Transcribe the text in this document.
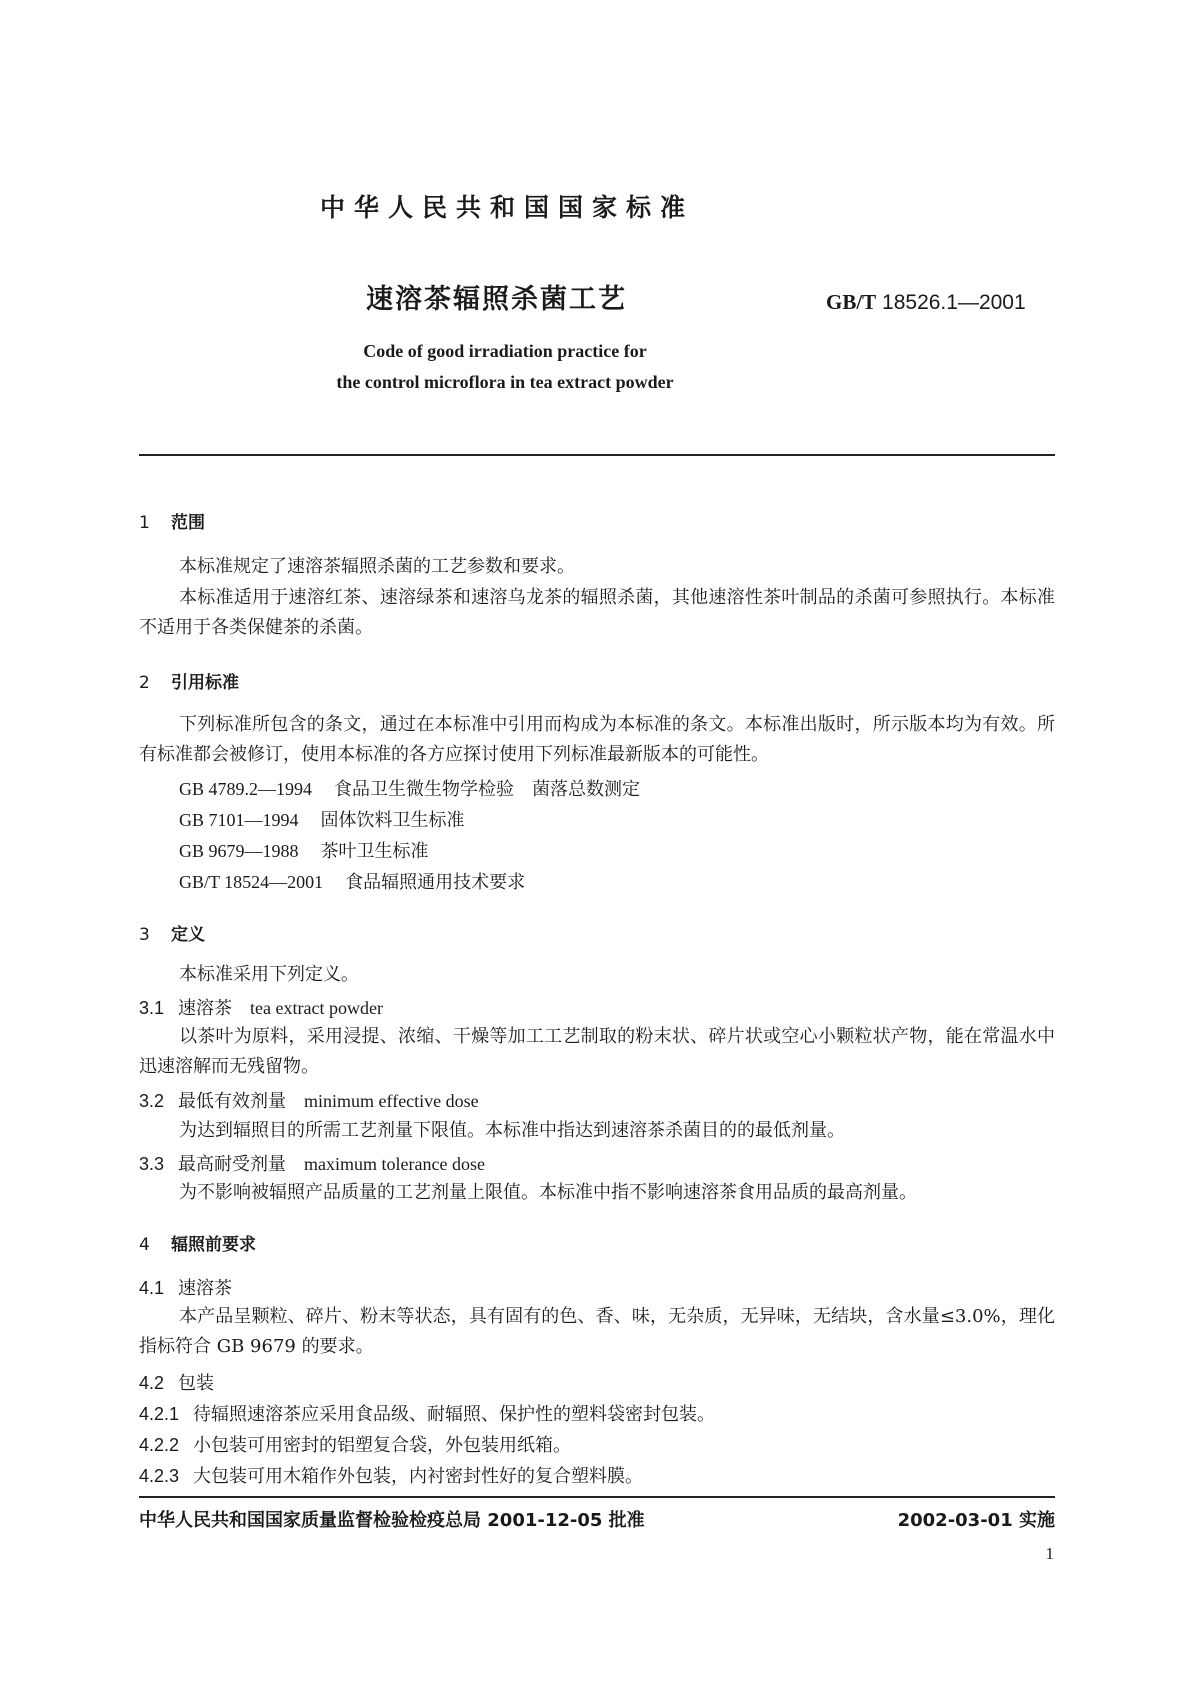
中华人民共和国国家标准
速溶茶辐照杀菌工艺	GB/T 18526.1—2001
Code of good irradiation practice for
the control microflora in tea extract powder
1 范围
本标准规定了速溶茶辐照杀菌的工艺参数和要求。
本标准适用于速溶红茶、速溶绿茶和速溶乌龙茶的辐照杀菌，其他速溶性茶叶制品的杀菌可参照执行。本标准不适用于各类保健茶的杀菌。
2 引用标准
下列标准所包含的条文，通过在本标准中引用而构成为本标准的条文。本标准出版时，所示版本均为有效。所有标准都会被修订，使用本标准的各方应探讨使用下列标准最新版本的可能性。
GB 4789.2—1994 食品卫生微生物学检验　菌落总数测定
GB 7101—1994 固体饮料卫生标准
GB 9679—1988 茶叶卫生标准
GB/T 18524—2001 食品辐照通用技术要求
3 定义
本标准采用下列定义。
3.1 速溶茶　 tea extract powder
以茶叶为原料，采用浸提、浓缩、干燥等加工工艺制取的粉末状、碎片状或空心小颗粒状产物，能在常温水中迅速溶解而无残留物。
3.2 最低有效剂量　 minimum effective dose
为达到辐照目的所需工艺剂量下限值。本标准中指达到速溶茶杀菌目的的最低剂量。
3.3 最高耐受剂量　 maximum tolerance dose
为不影响被辐照产品质量的工艺剂量上限值。本标准中指不影响速溶茶食用品质的最高剂量。
4 辐照前要求
4.1 速溶茶
本产品呈颗粒、碎片、粉末等状态，具有固有的色、香、味，无杂质，无异味，无结块，含水量≤3.0%，理化指标符合 GB 9679 的要求。
4.2 包装
4.2.1 待辐照速溶茶应采用食品级、耐辐照、保护性的塑料袋密封包装。
4.2.2 小包装可用密封的铝塑复合袋，外包装用纸箱。
4.2.3 大包装可用木箱作外包装，内衬密封性好的复合塑料膜。
中华人民共和国国家质量监督检验检疫总局 2001-12-05 批准	2002-03-01 实施
1
